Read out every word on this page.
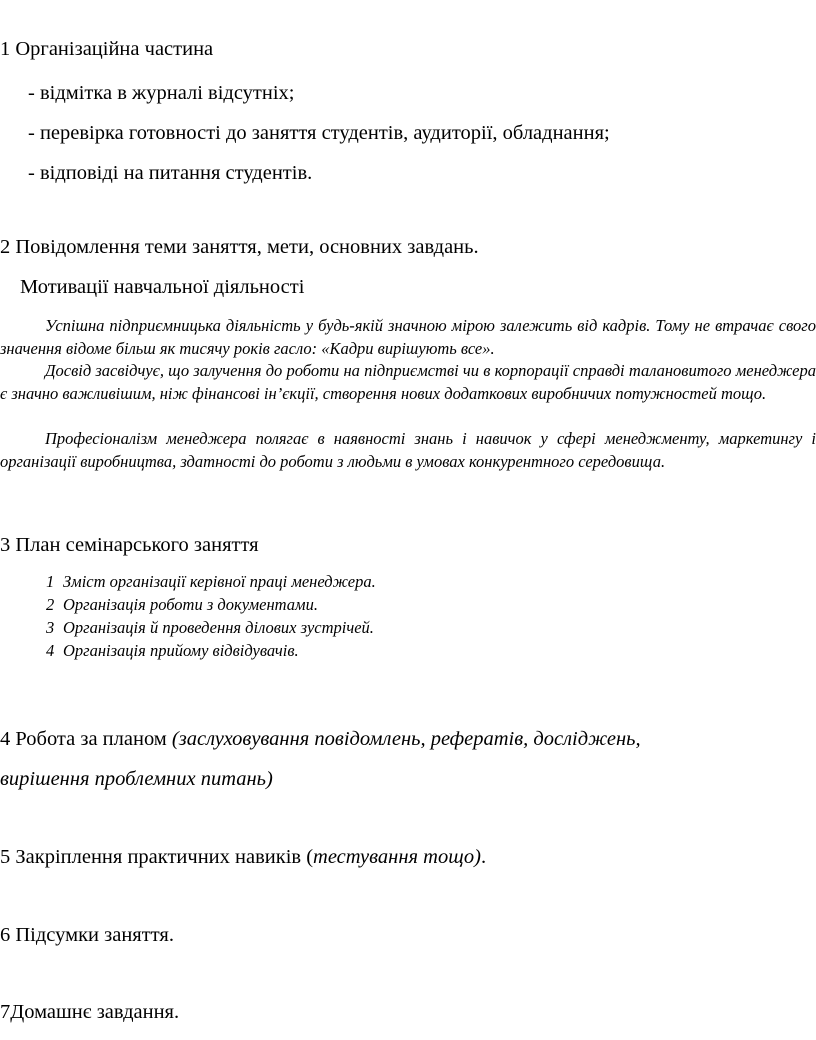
1 Організаційна частина

- відмітка в журналі відсутніх;

- перевірка готовності до заняття студентів, аудиторії, обладнання;

- відповіді на питання студентів.

2 Повідомлення теми заняття, мети, основних завдань.

Мотивації навчальної діяльності

Успішна підприємницька діяльність у будь-якій значною мірою залежить від кадрів. Тому не втрачає свого значення відоме більш як тисячу років гасло: «Кадри вирішують все».

Досвід засвідчує, що залучення до роботи на підприємстві чи в корпорації справді талановитого менеджера є значно важливішим, ніж фінансові ін’єкції, створення нових додаткових виробничих потужностей тощо.

Професіоналізм менеджера полягає в наявності знань і навичок у сфері менеджменту, маркетингу і організації виробництва, здатності до роботи з людьми в умовах конкурентного середовища.

3 План семінарського заняття

1 Зміст організації керівної праці менеджера.
2 Організація роботи з документами.
3 Організація й проведення ділових зустрічей.
4 Організація прийому відвідувачів.

4 Робота за планом (заслуховування повідомлень, рефератів, досліджень,

вирішення проблемних питань)

5 Закріплення практичних навиків (тестування тощо).

6 Підсумки заняття.

7Домашнє завдання.
